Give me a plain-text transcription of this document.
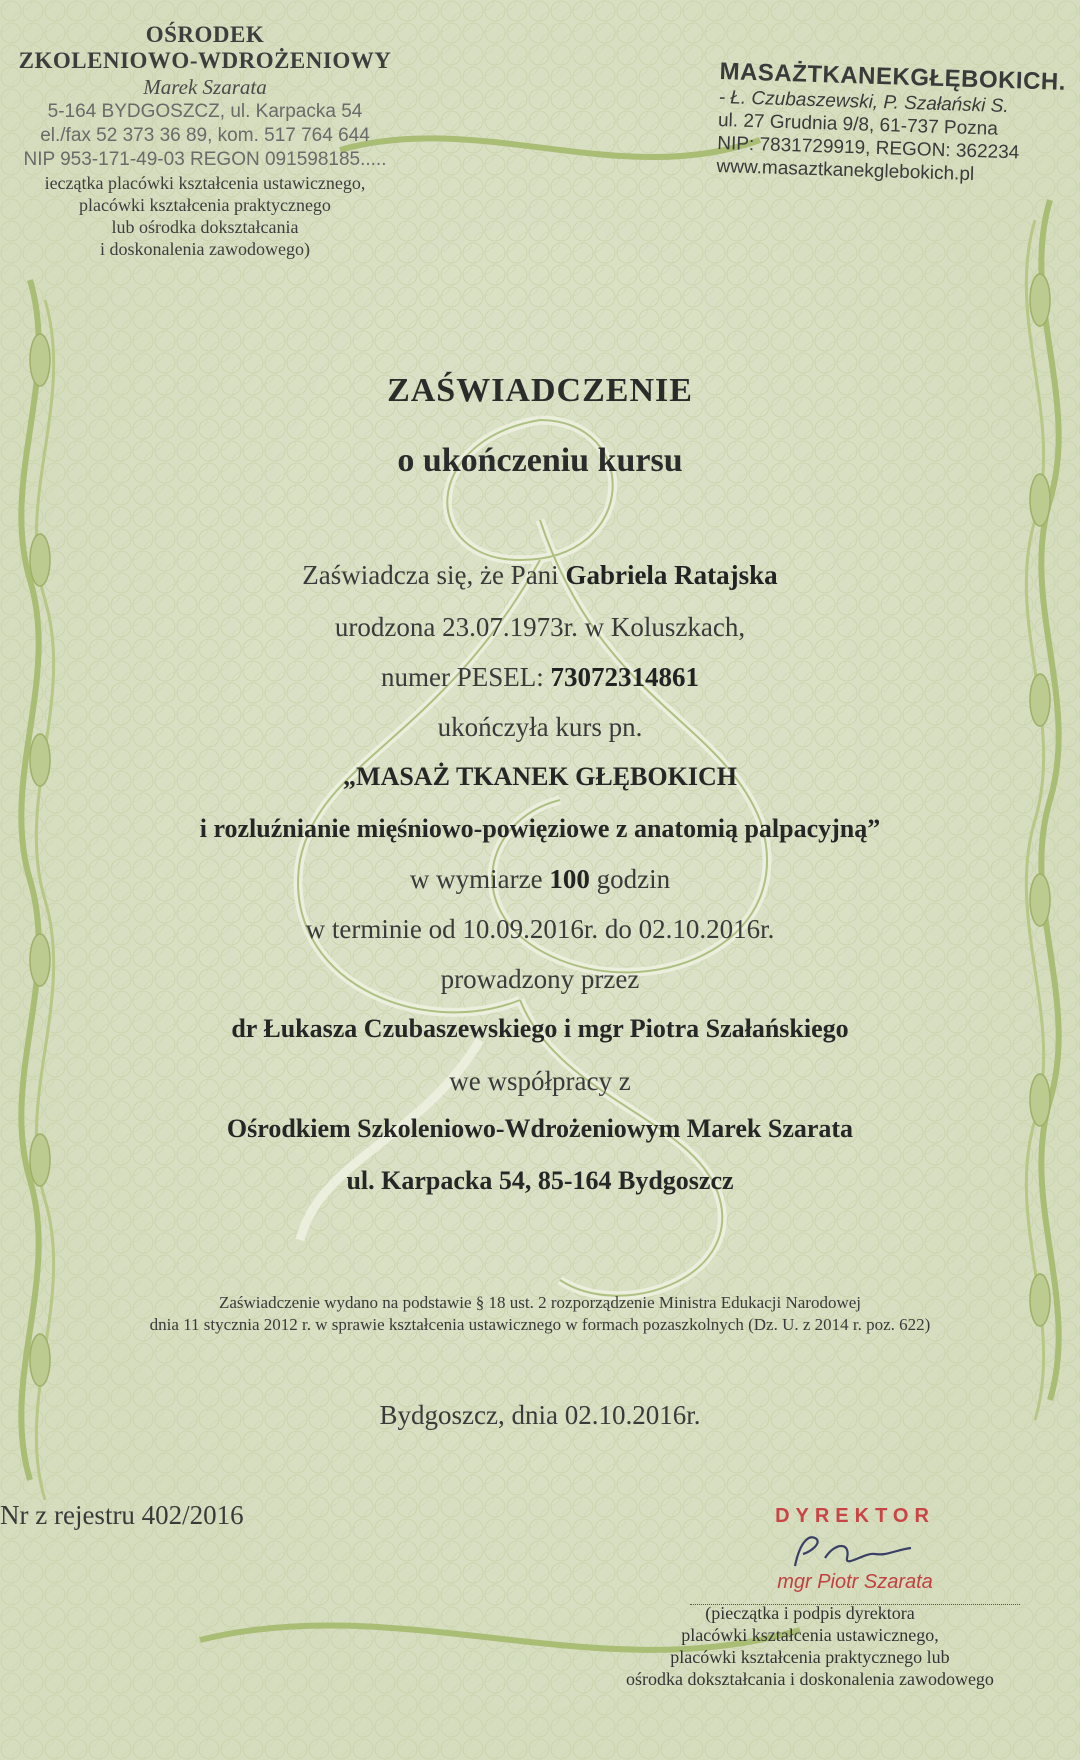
OŚRODEK
ZKOLENIOWO-WDROŻENIOWY
Marek Szarata
5-164 BYDGOSZCZ, ul. Karpacka 54
el./fax 52 373 36 89, kom. 517 764 644
NIP 953-171-49-03 REGON 091598185.....
ieczątka placówki kształcenia ustawicznego,
placówki kształcenia praktycznego
lub ośrodka dokształcania
i doskonalenia zawodowego)
MASAŻTKANEKGŁĘBOKICH.
- Ł. Czubaszewski, P. Szałański S.
ul. 27 Grudnia 9/8, 61-737 Pozna
NIP: 7831729919, REGON: 362234
www.masaztkanekglebokich.pl
ZAŚWIADCZENIE
o ukończeniu kursu
Zaświadcza się, że Pani Gabriela Ratajska
urodzona 23.07.1973r. w Koluszkach,
numer PESEL: 73072314861
ukończyła kurs pn.
„MASAŻ TKANEK GŁĘBOKICH
i rozluźnianie mięśniowo-powięziowe z anatomią palpacyjną”
w wymiarze 100 godzin
w terminie od 10.09.2016r. do 02.10.2016r.
prowadzony przez
dr Łukasza Czubaszewskiego i mgr Piotra Szałańskiego
we współpracy z
Ośrodkiem Szkoleniowo-Wdrożeniowym Marek Szarata
ul. Karpacka 54, 85-164 Bydgoszcz
Zaświadczenie wydano na podstawie § 18 ust. 2 rozporządzenie Ministra Edukacji Narodowej
dnia 11 stycznia 2012 r. w sprawie kształcenia ustawicznego w formach pozaszkolnych (Dz. U. z 2014 r. poz. 622)
Bydgoszcz, dnia 02.10.2016r.
Nr z rejestru 402/2016	DYREKTOR
mgr Piotr Szarata
(pieczątka i podpis dyrektora
placówki kształcenia ustawicznego,
placówki kształcenia praktycznego lub
ośrodka dokształcania i doskonalenia zawodowego
